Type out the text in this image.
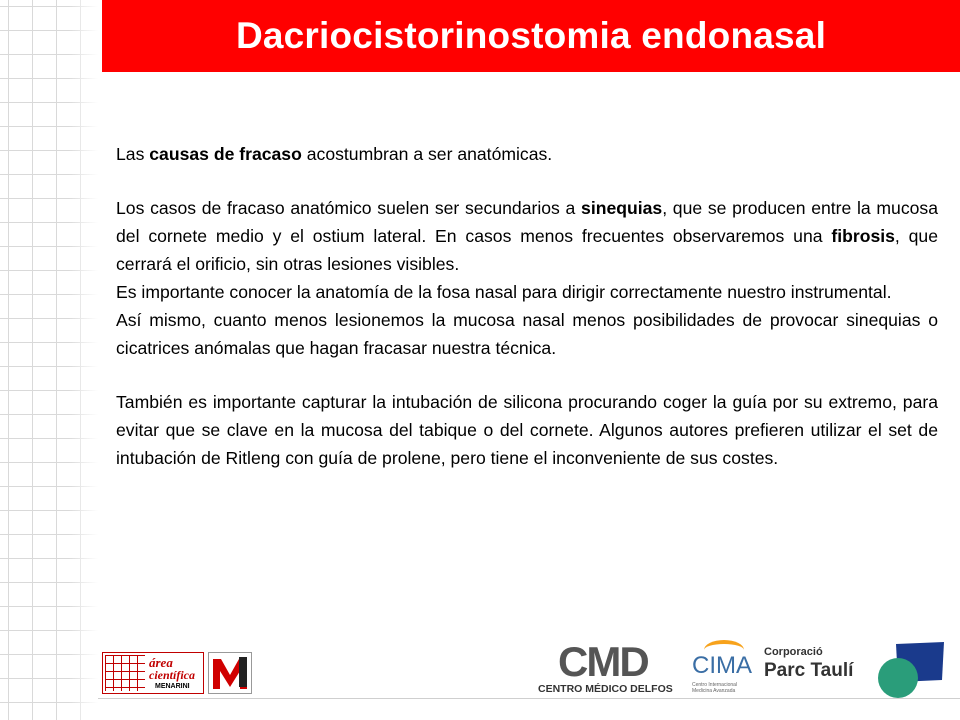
Dacriocistorinostomia endonasal

Las causas de fracaso acostumbran a ser anatómicas.

Los casos de fracaso anatómico suelen ser secundarios a sinequias, que se producen entre la mucosa del cornete medio y el ostium lateral. En casos menos frecuentes observaremos una fibrosis, que cerrará el orificio, sin otras lesiones visibles.

Es importante conocer la anatomía de la fosa nasal para dirigir correctamente nuestro instrumental.

Así mismo, cuanto menos lesionemos la mucosa nasal menos posibilidades de provocar sinequias o cicatrices anómalas que hagan fracasar nuestra técnica.

También es importante capturar la intubación de silicona procurando coger la guía por su extremo, para evitar que se clave en la mucosa del tabique o del cornete. Algunos autores prefieren utilizar el set de intubación de Ritleng con guía de prolene, pero tiene el inconveniente de sus costes.

área
científica
MENARINI
CMD
CENTRO MÉDICO DELFOS
CIMA
Centro Internacional
Medicina Avanzada
Corporació
Parc Taulí
